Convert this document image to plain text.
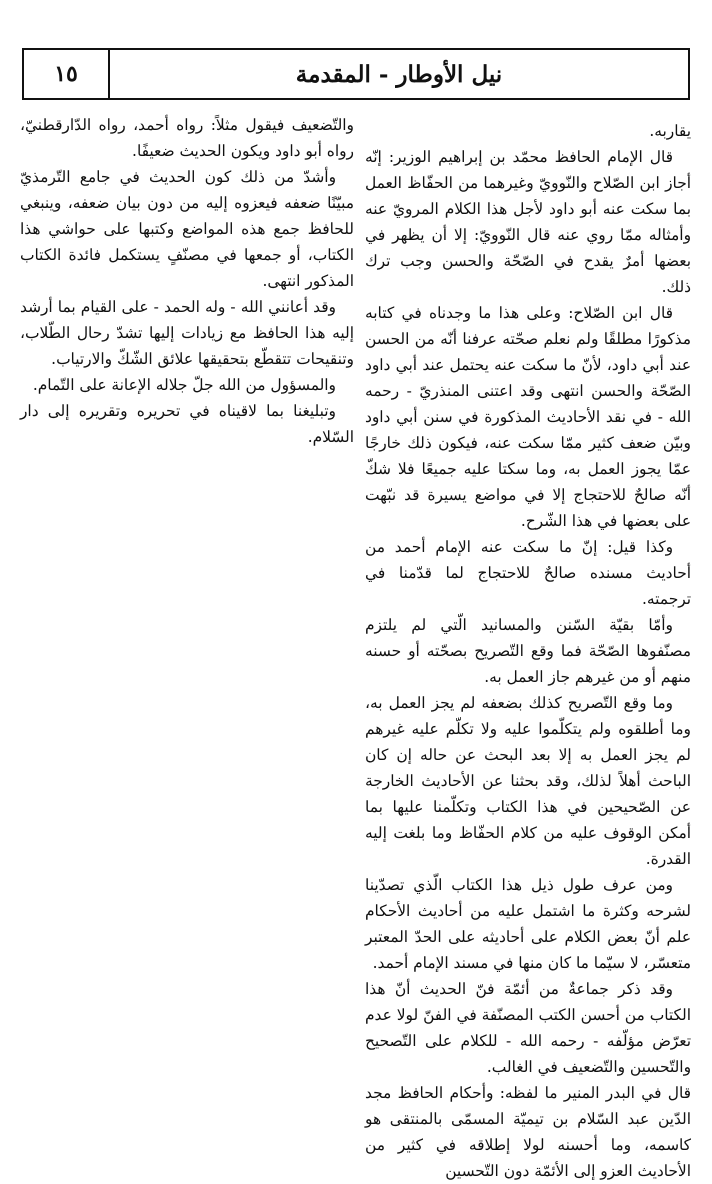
١٥	نيل الأوطار - المقدمة

يقاربه.

قال الإمام الحافظ محمّد بن إبراهيم الوزير: إنّه أجاز ابن الصّلاح والنّوويّ وغيرهما من الحفّاظ العمل بما سكت عنه أبو داود لأجل هذا الكلام المرويّ عنه وأمثاله ممّا روي عنه قال النّوويّ: إلا أن يظهر في بعضها أمرٌ يقدح في الصّحّة والحسن وجب ترك ذلك.

قال ابن الصّلاح: وعلى هذا ما وجدناه في كتابه مذكورًا مطلقًا ولم نعلم صحّته عرفنا أنّه من الحسن عند أبي داود، لأنّ ما سكت عنه يحتمل عند أبي داود الصّحّة والحسن انتهى وقد اعتنى المنذريّ - رحمه الله - في نقد الأحاديث المذكورة في سنن أبي داود وبيّن ضعف كثير ممّا سكت عنه، فيكون ذلك خارجًا عمّا يجوز العمل به، وما سكتا عليه جميعًا فلا شكّ أنّه صالحٌ للاحتجاج إلا في مواضع يسيرة قد نبّهت على بعضها في هذا الشّرح.

وكذا قيل: إنّ ما سكت عنه الإمام أحمد من أحاديث مسنده صالحٌ للاحتجاج لما قدّمنا في ترجمته.

وأمّا بقيّة السّنن والمسانيد الّتي لم يلتزم مصنّفوها الصّحّة فما وقع التّصريح بصحّته أو حسنه منهم أو من غيرهم جاز العمل به.

وما وقع التّصريح كذلك بضعفه لم يجز العمل به، وما أطلقوه ولم يتكلّموا عليه ولا تكلّم عليه غيرهم لم يجز العمل به إلا بعد البحث عن حاله إن كان الباحث أهلاً لذلك، وقد بحثنا عن الأحاديث الخارجة عن الصّحيحين في هذا الكتاب وتكلّمنا عليها بما أمكن الوقوف عليه من كلام الحفّاظ وما بلغت إليه القدرة.

ومن عرف طول ذيل هذا الكتاب الّذي تصدّينا لشرحه وكثرة ما اشتمل عليه من أحاديث الأحكام علم أنّ بعض الكلام على أحاديثه على الحدّ المعتبر متعسّر، لا سيّما ما كان منها في مسند الإمام أحمد.

وقد ذكر جماعةٌ من أئمّة فنّ الحديث أنّ هذا الكتاب من أحسن الكتب المصنّفة في الفنّ لولا عدم تعرّض مؤلّفه - رحمه الله - للكلام على التّصحيح والتّحسين والتّضعيف في الغالب.

قال في البدر المنير ما لفظه: وأحكام الحافظ مجد الدّين عبد السّلام بن تيميّة المسمّى بالمنتقى هو كاسمه، وما أحسنه لولا إطلاقه في كثير من الأحاديث العزو إلى الأئمّة دون التّحسين

والتّضعيف فيقول مثلاً: رواه أحمد، رواه الدّارقطنيّ، رواه أبو داود ويكون الحديث ضعيفًا.

وأشدّ من ذلك كون الحديث في جامع التّرمذيّ مبيّنًا ضعفه فيعزوه إليه من دون بيان ضعفه، وينبغي للحافظ جمع هذه المواضع وكتبها على حواشي هذا الكتاب، أو جمعها في مصنّفٍ يستكمل فائدة الكتاب المذكور انتهى.

وقد أعانني الله - وله الحمد - على القيام بما أرشد إليه هذا الحافظ مع زيادات إليها تشدّ رحال الطّلاب، وتنقيحات تتقطّع بتحقيقها علائق الشّكّ والارتياب.

والمسؤول من الله جلّ جلاله الإعانة على التّمام.

وتبليغنا بما لاقيناه في تحريره وتقريره إلى دار السّلام.
